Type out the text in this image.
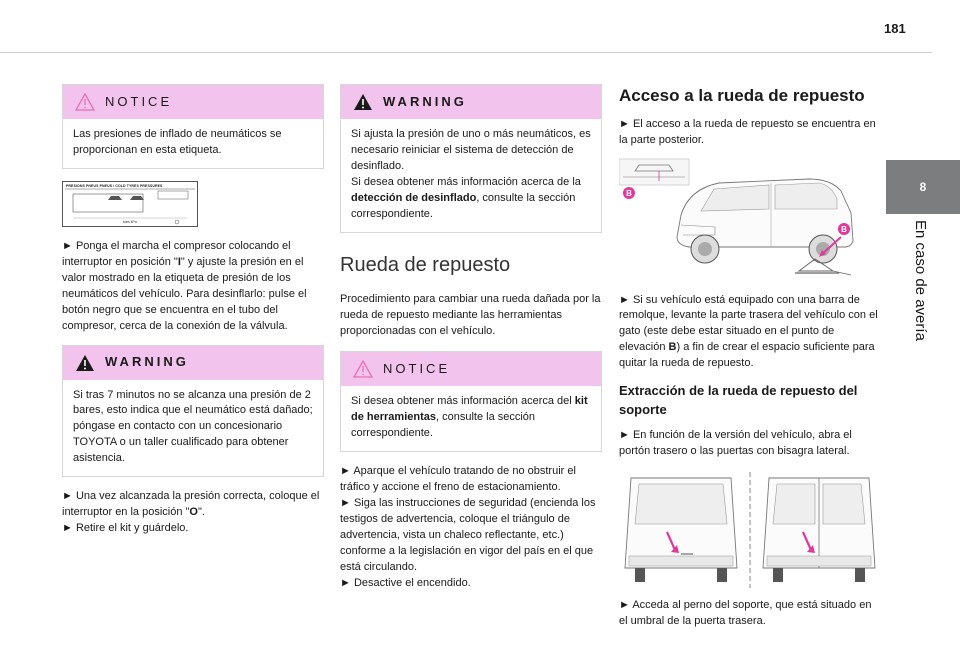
181
8
En caso de avería
NOTICE
Las presiones de inflado de neumáticos se proporcionan en esta etiqueta.
PRESIONS PNEUS PNEUS / COLD TYRES PRESSURES
bars kPa

► Ponga el marcha el compresor colocando el interruptor en posición "I" y ajuste la presión en el valor mostrado en la etiqueta de presión de los neumáticos del vehículo. Para desinflarlo: pulse el botón negro que se encuentra en el tubo del compresor, cerca de la conexión de la válvula.

WARNING
Si tras 7 minutos no se alcanza una presión de 2 bares, esto indica que el neumático está dañado; póngase en contacto con un concesionario TOYOTA o un taller cualificado para obtener asistencia.

► Una vez alcanzada la presión correcta, coloque el interruptor en la posición "O".

► Retire el kit y guárdelo.

WARNING
Si ajusta la presión de uno o más neumáticos, es necesario reiniciar el sistema de detección de desinflado.
Si desea obtener más información acerca de la detección de desinflado, consulte la sección correspondiente.
Rueda de repuesto

Procedimiento para cambiar una rueda dañada por la rueda de repuesto mediante las herramientas proporcionadas con el vehículo.

NOTICE
Si desea obtener más información acerca del kit de herramientas, consulte la sección correspondiente.

► Aparque el vehículo tratando de no obstruir el tráfico y accione el freno de estacionamiento.

► Siga las instrucciones de seguridad (encienda los testigos de advertencia, coloque el triángulo de advertencia, vista un chaleco reflectante, etc.) conforme a la legislación en vigor del país en el que está circulando.

► Desactive el encendido.

Acceso a la rueda de repuesto

► El acceso a la rueda de repuesto se encuentra en la parte posterior.

B
B

► Si su vehículo está equipado con una barra de remolque, levante la parte trasera del vehículo con el gato (este debe estar situado en el punto de elevación B) a fin de crear el espacio suficiente para quitar la rueda de repuesto.

Extracción de la rueda de repuesto del soporte

► En función de la versión del vehículo, abra el portón trasero o las puertas con bisagra lateral.

► Acceda al perno del soporte, que está situado en el umbral de la puerta trasera.
